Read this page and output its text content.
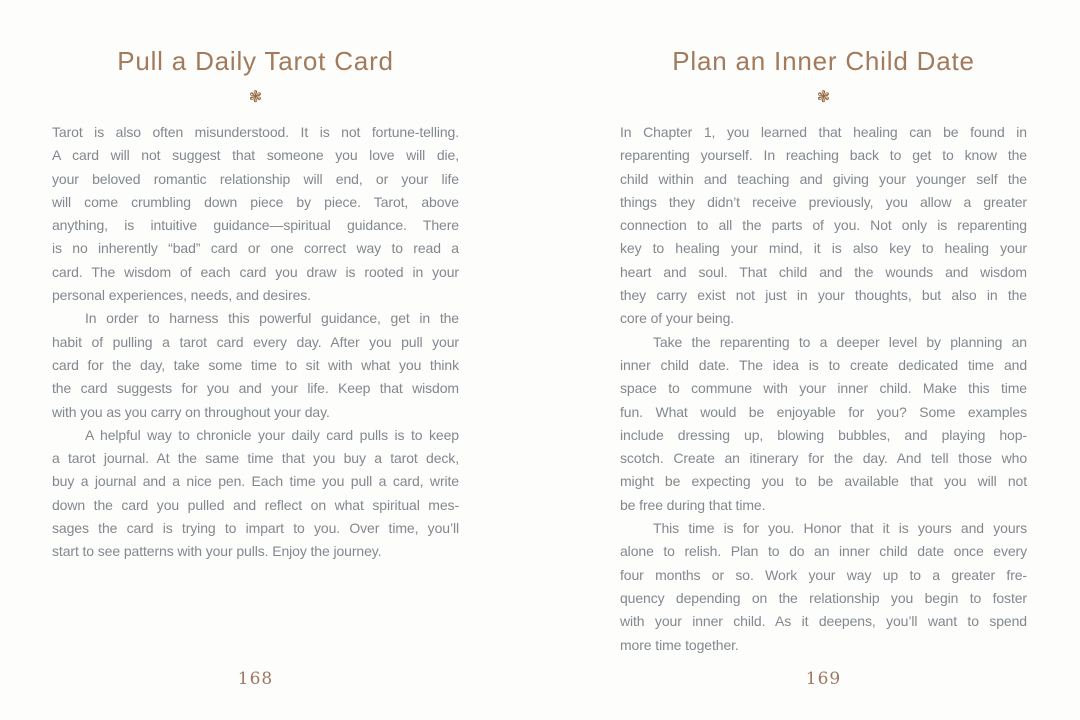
Pull a Daily Tarot Card
❃
Tarot is also often misunderstood. It is not fortune-telling.
A card will not suggest that someone you love will die,
your beloved romantic relationship will end, or your life
will come crumbling down piece by piece. Tarot, above
anything, is intuitive guidance—spiritual guidance. There
is no inherently “bad” card or one correct way to read a
card. The wisdom of each card you draw is rooted in your
personal experiences, needs, and desires.
In order to harness this powerful guidance, get in the
habit of pulling a tarot card every day. After you pull your
card for the day, take some time to sit with what you think
the card suggests for you and your life. Keep that wisdom
with you as you carry on throughout your day.
A helpful way to chronicle your daily card pulls is to keep
a tarot journal. At the same time that you buy a tarot deck,
buy a journal and a nice pen. Each time you pull a card, write
down the card you pulled and reflect on what spiritual mes-
sages the card is trying to impart to you. Over time, you’ll
start to see patterns with your pulls. Enjoy the journey.
168
Plan an Inner Child Date
❃
In Chapter 1, you learned that healing can be found in
reparenting yourself. In reaching back to get to know the
child within and teaching and giving your younger self the
things they didn’t receive previously, you allow a greater
connection to all the parts of you. Not only is reparenting
key to healing your mind, it is also key to healing your
heart and soul. That child and the wounds and wisdom
they carry exist not just in your thoughts, but also in the
core of your being.
Take the reparenting to a deeper level by planning an
inner child date. The idea is to create dedicated time and
space to commune with your inner child. Make this time
fun. What would be enjoyable for you? Some examples
include dressing up, blowing bubbles, and playing hop-
scotch. Create an itinerary for the day. And tell those who
might be expecting you to be available that you will not
be free during that time.
This time is for you. Honor that it is yours and yours
alone to relish. Plan to do an inner child date once every
four months or so. Work your way up to a greater fre-
quency depending on the relationship you begin to foster
with your inner child. As it deepens, you’ll want to spend
more time together.
169
